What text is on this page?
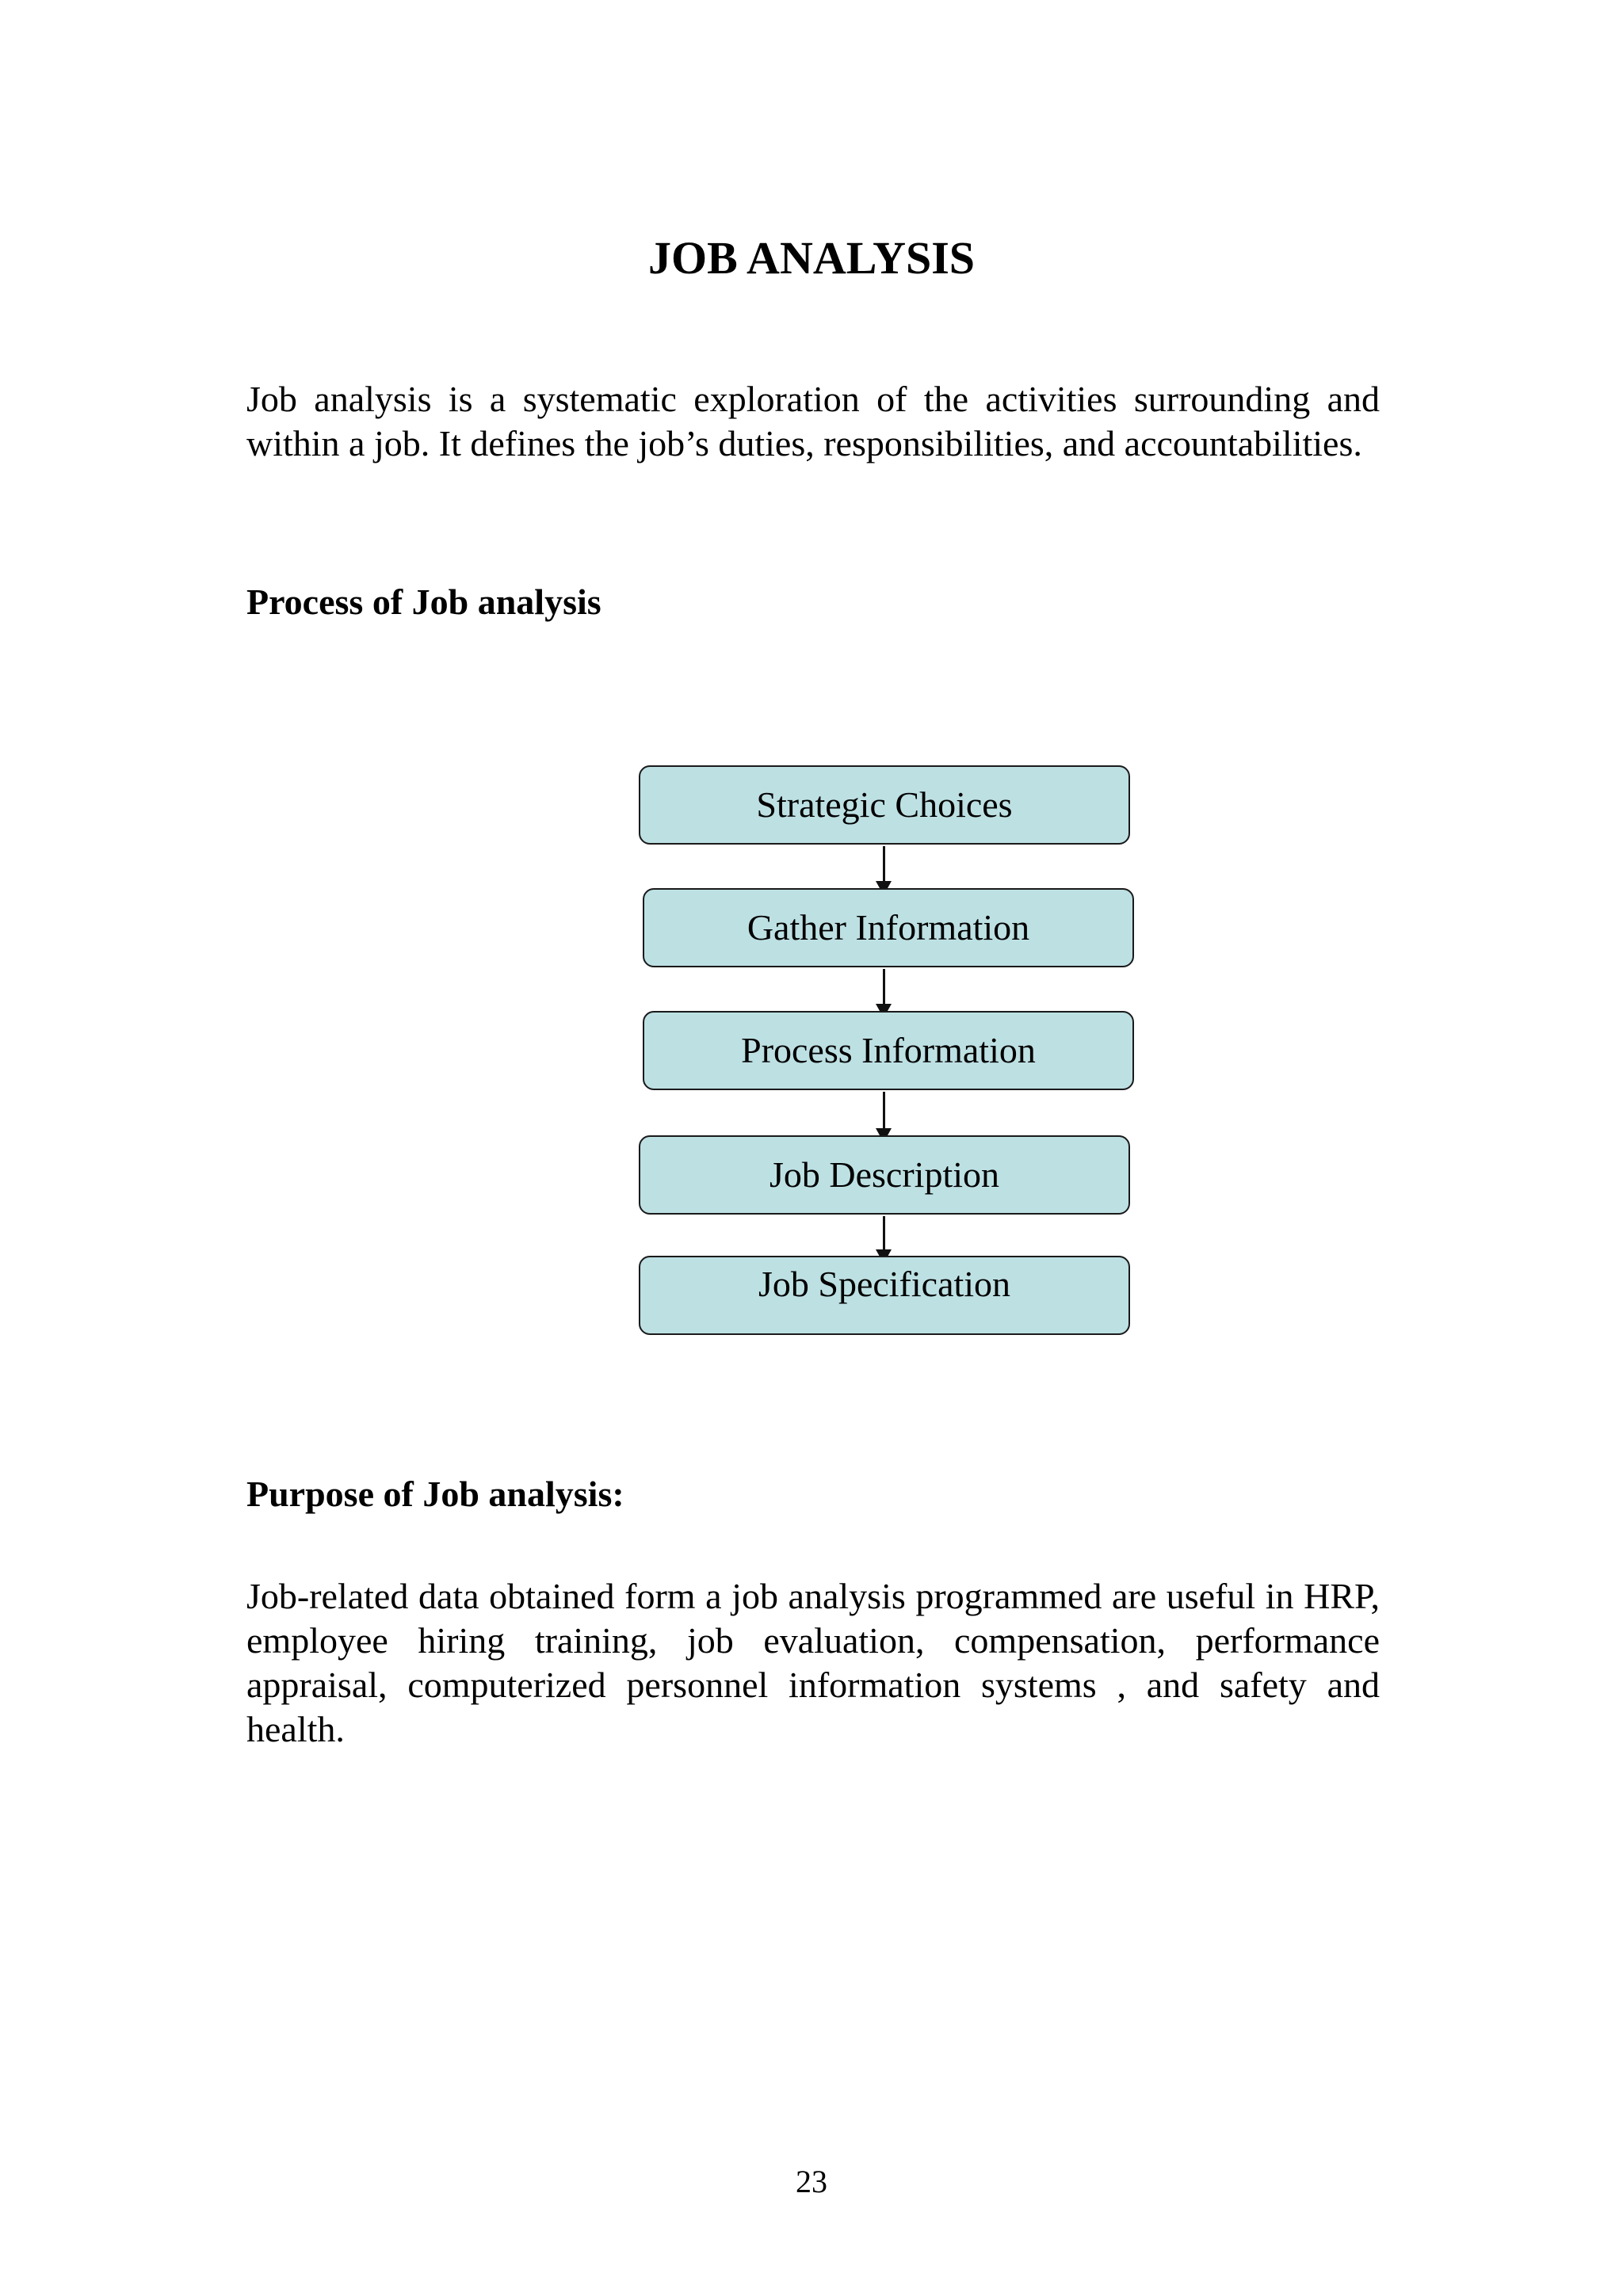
JOB ANALYSIS

Job analysis is a systematic exploration of the activities surrounding and within a job. It defines the job’s duties, responsibilities, and accountabilities.

Process of Job analysis
Strategic Choices
Gather Information
Process Information
Job Description
Job Specification
Purpose of Job analysis:

Job-related data obtained form a job analysis programmed are useful in HRP, employee hiring training, job evaluation, compensation, performance appraisal, computerized personnel information systems , and safety and health.

23
